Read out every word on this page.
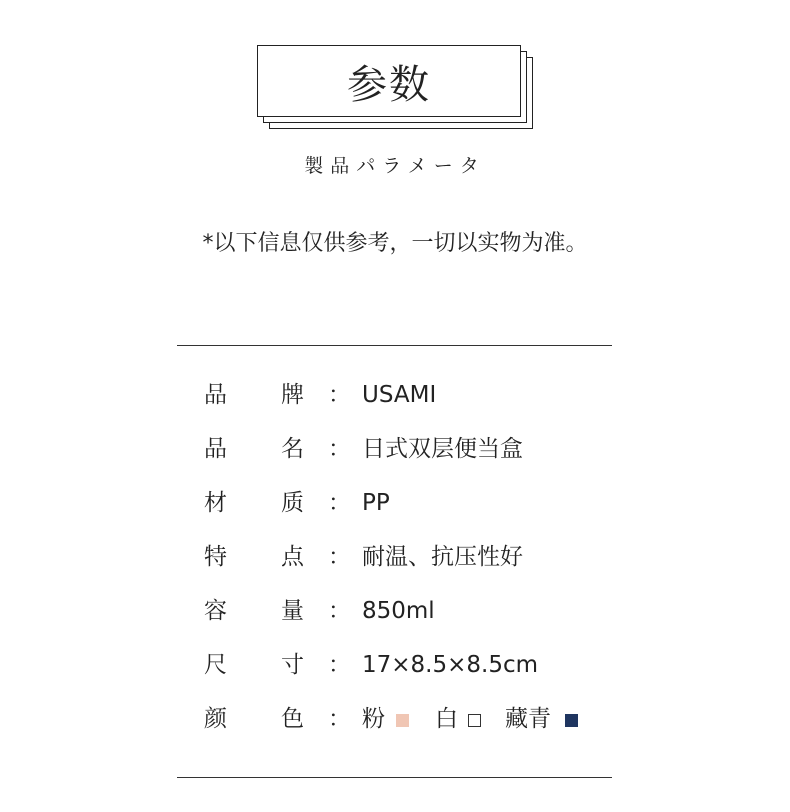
参数
製品パラメータ
*以下信息仅供参考，一切以实物为准。
品 牌 ： USAMI
品 名 ： 日式双层便当盒
材 质 ： PP
特 点 ： 耐温、抗压性好
容 量 ： 850ml
尺 寸 ： 17×8.5×8.5cm
颜 色 ： 粉 白 藏青
